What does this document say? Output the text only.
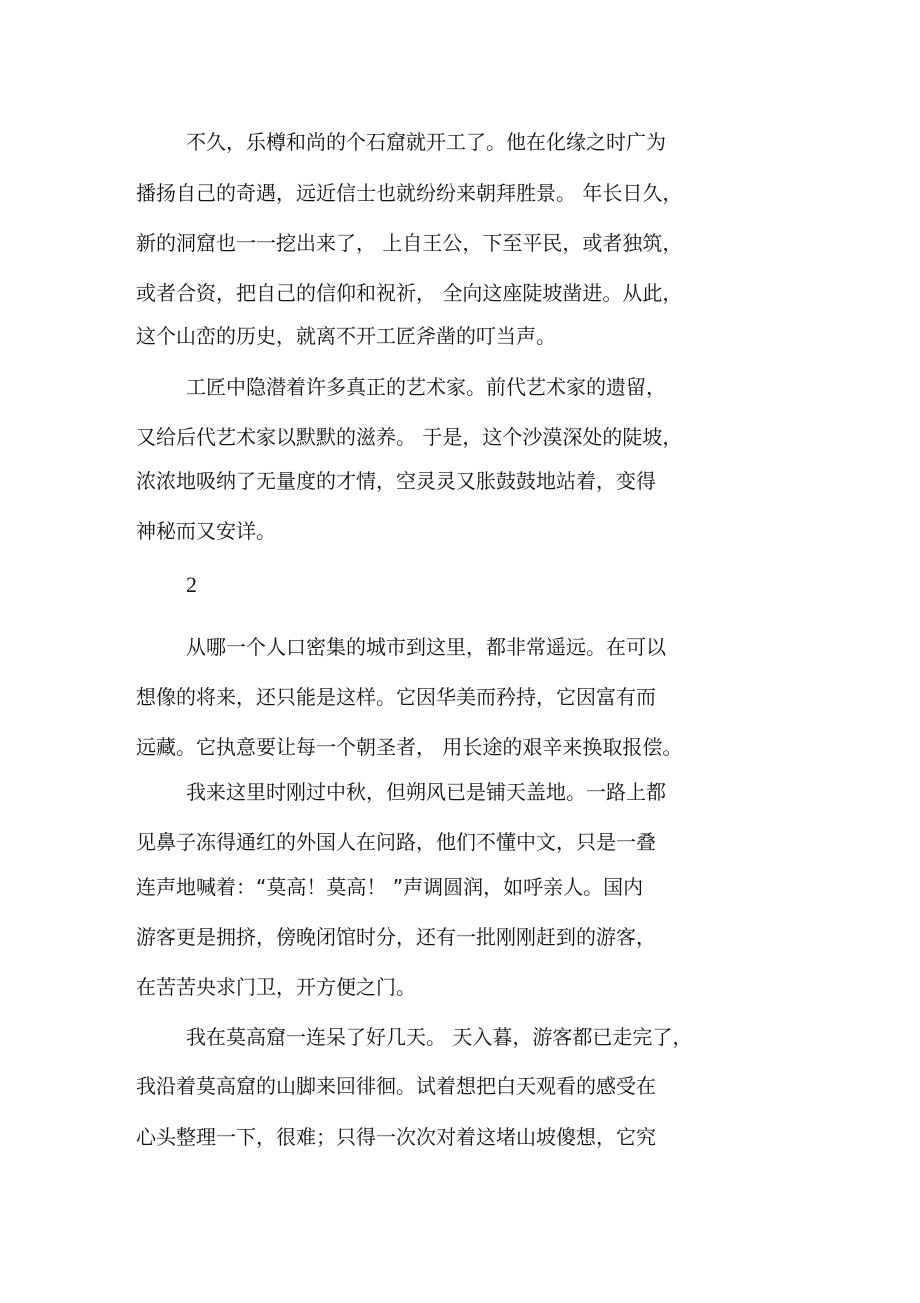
不久，乐樽和尚的个石窟就开工了。他在化缘之时广为

播扬自己的奇遇，远近信士也就纷纷来朝拜胜景。 年长日久，

新的洞窟也一一挖出来了， 上自王公，下至平民，或者独筑，

或者合资，把自己的信仰和祝祈， 全向这座陡坡凿进。从此，

这个山峦的历史，就离不开工匠斧凿的叮当声。

工匠中隐潜着许多真正的艺术家。前代艺术家的遗留，

又给后代艺术家以默默的滋养。 于是，这个沙漠深处的陡坡，

浓浓地吸纳了无量度的才情，空灵灵又胀鼓鼓地站着，变得

神秘而又安详。

2

从哪一个人口密集的城市到这里，都非常遥远。在可以

想像的将来，还只能是这样。它因华美而矜持，它因富有而

远藏。它执意要让每一个朝圣者， 用长途的艰辛来换取报偿。

我来这里时刚过中秋，但朔风已是铺天盖地。一路上都

见鼻子冻得通红的外国人在问路，他们不懂中文，只是一叠

连声地喊着：“莫高！莫高！ ”声调圆润，如呼亲人。国内

游客更是拥挤，傍晚闭馆时分，还有一批刚刚赶到的游客，

在苦苦央求门卫，开方便之门。

我在莫高窟一连呆了好几天。 天入暮，游客都已走完了，

我沿着莫高窟的山脚来回徘徊。试着想把白天观看的感受在

心头整理一下，很难；只得一次次对着这堵山坡傻想，它究
